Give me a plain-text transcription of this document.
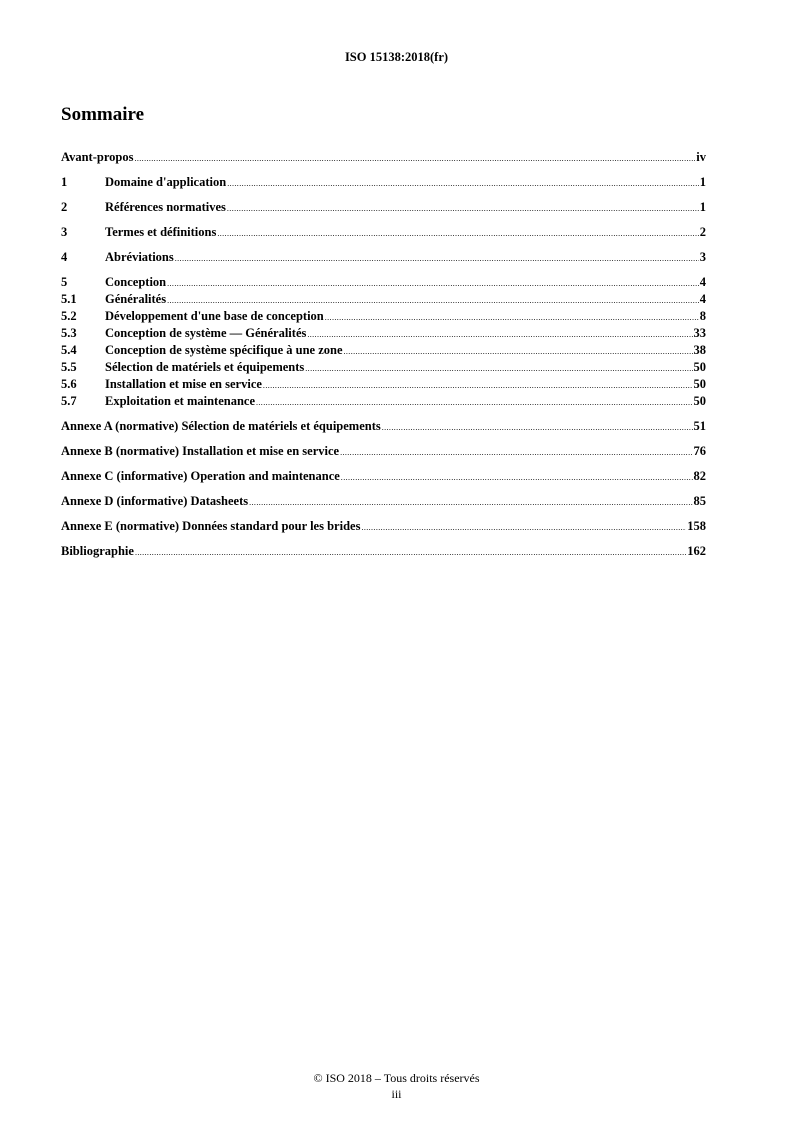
ISO 15138:2018(fr)
Sommaire
Avant-propos .....	iv
1	Domaine d'application .....	1
2	Références normatives .....	1
3	Termes et définitions .....	2
4	Abréviations .....	3
5	Conception .....	4
5.1	Généralités .....	4
5.2	Développement d'une base de conception .....	8
5.3	Conception de système — Généralités .....	33
5.4	Conception de système spécifique à une zone .....	38
5.5	Sélection de matériels et équipements .....	50
5.6	Installation et mise en service .....	50
5.7	Exploitation et maintenance .....	50
Annexe A (normative) Sélection de matériels et équipements .....	51
Annexe B (normative) Installation et mise en service .....	76
Annexe C (informative) Operation and maintenance .....	82
Annexe D (informative) Datasheets .....	85
Annexe E (normative) Données standard pour les brides .....	158
Bibliographie .....	162
© ISO 2018 – Tous droits réservés
iii
